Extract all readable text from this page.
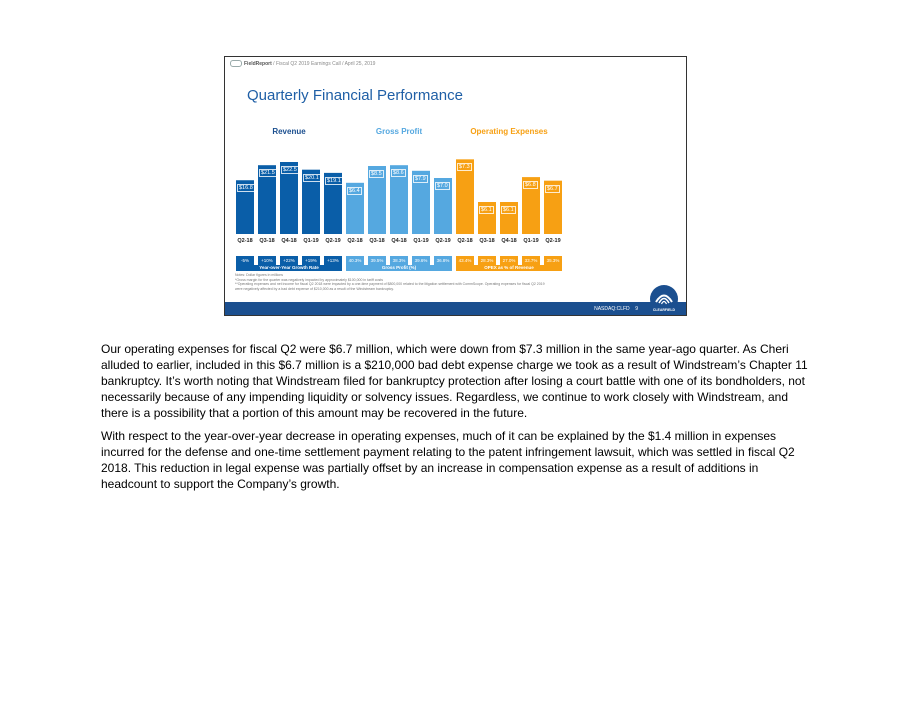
FieldReport / Fiscal Q2 2019 Earnings Call / April 25, 2019
Quarterly Financial Performance
Revenue
$16.8
Q2-18
-5%
$21.5
Q3-18
+10%
$22.5
Q4-18
+22%
$20.1
Q1-19
+19%
$19.1
Q2-19
+13%
Year-over-Year Growth Rate
Gross Profit
$6.4
Q2-18
40.3%
$8.5
Q3-18
39.5%
$8.6
Q4-18
38.3%
$7.9
Q1-19
39.6%
$7.0
Q2-19
36.8%
Gross Profit (%)
Operating Expenses
$7.3
Q2-18
43.4%
$6.1
Q3-18
28.3%
$6.1
Q4-18
27.0%
$6.8
Q1-19
33.7%
$6.7
Q2-19
35.3%
OPEX as % of Revenue
Notes: Dollar figures in millions
*Gross margin for the quarter was negatively impacted by approximately $100,000 in tariff costs
**Operating expenses and net income for fiscal Q2 2018 were impacted by a one-time payment of $800,000 related to the litigation settlement with CommScope. Operating expenses for fiscal Q2 2019
were negatively affected by a bad debt expense of $210,000 as a result of the Windstream bankruptcy.
NASDAQ:CLFD 9	CLEARFIELD
Our operating expenses for fiscal Q2 were $6.7 million, which were down from $7.3 million in the same year-ago quarter. As Cheri
alluded to earlier, included in this $6.7 million is a $210,000 bad debt expense charge we took as a result of Windstream’s Chapter 11
bankruptcy. It’s worth noting that Windstream filed for bankruptcy protection after losing a court battle with one of its bondholders, not
necessarily because of any impending liquidity or solvency issues. Regardless, we continue to work closely with Windstream, and
there is a possibility that a portion of this amount may be recovered in the future.
With respect to the year-over-year decrease in operating expenses, much of it can be explained by the $1.4 million in expenses
incurred for the defense and one-time settlement payment relating to the patent infringement lawsuit, which was settled in fiscal Q2
2018. This reduction in legal expense was partially offset by an increase in compensation expense as a result of additions in
headcount to support the Company’s growth.
